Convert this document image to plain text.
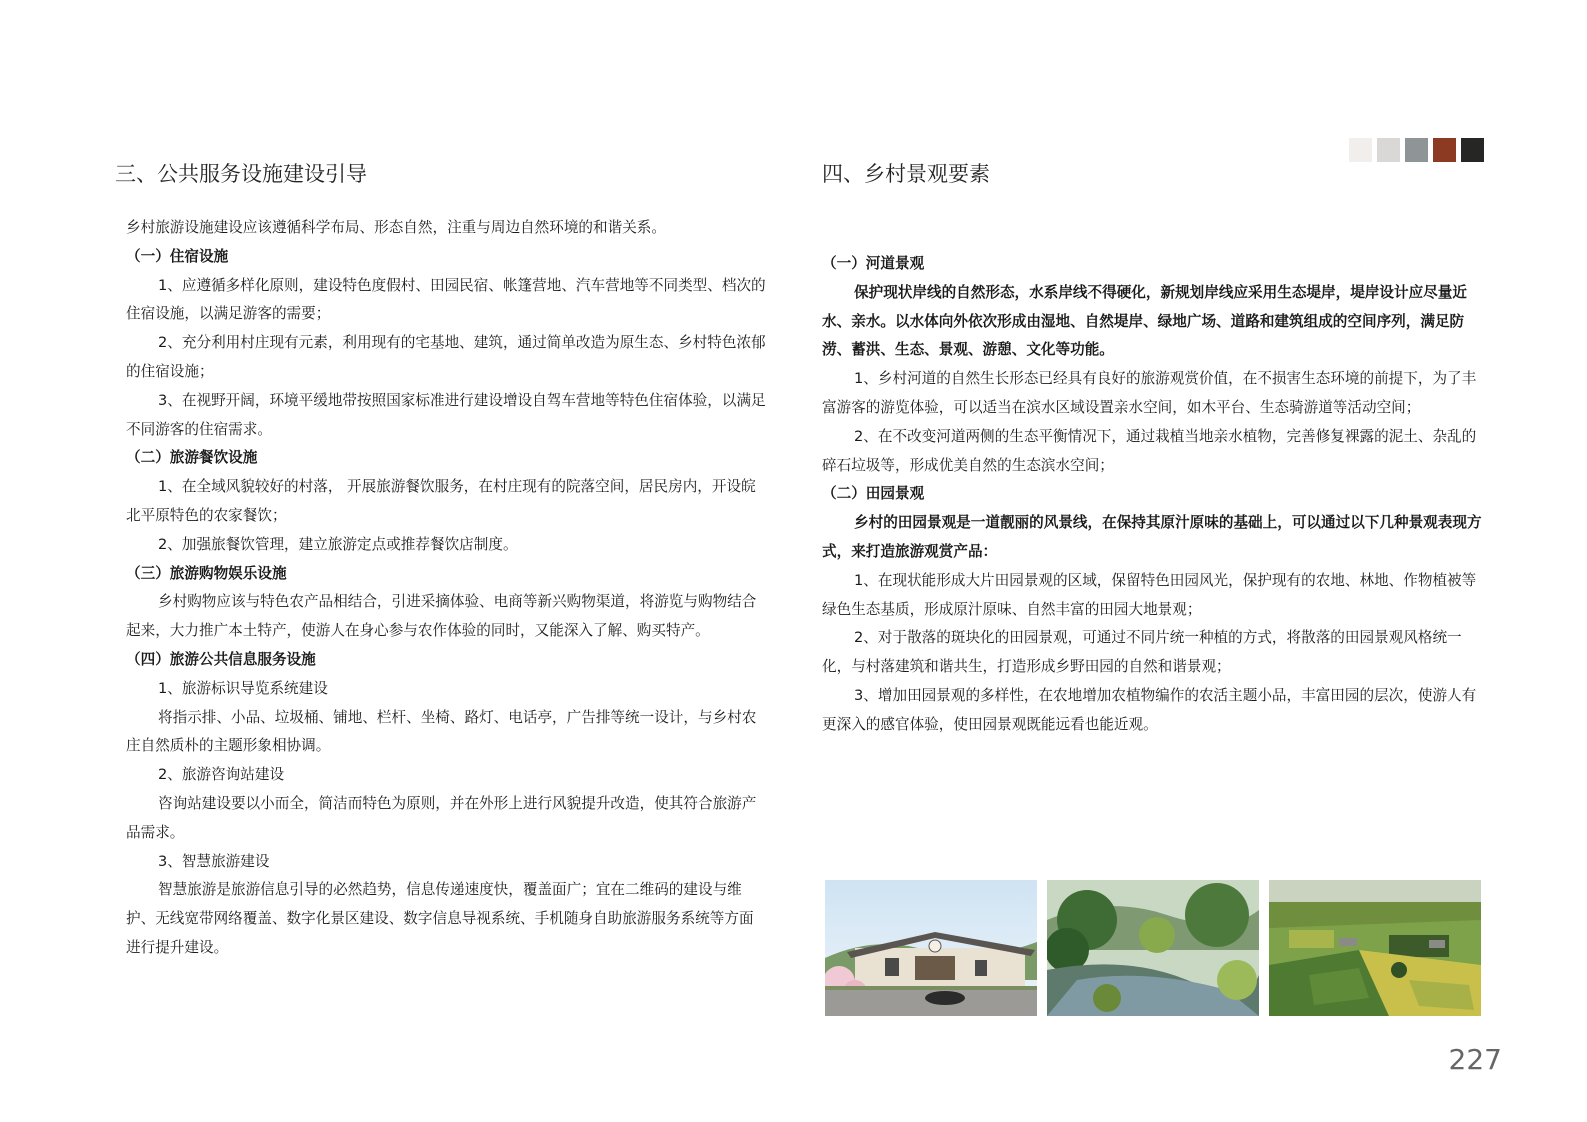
三、公共服务设施建设引导

乡村旅游设施建设应该遵循科学布局、形态自然，注重与周边自然环境的和谐关系。

（一）住宿设施

1、应遵循多样化原则，建设特色度假村、田园民宿、帐篷营地、汽车营地等不同类型、档次的住宿设施，以满足游客的需要；

2、充分利用村庄现有元素，利用现有的宅基地、建筑，通过简单改造为原生态、乡村特色浓郁的住宿设施；

3、在视野开阔，环境平缓地带按照国家标准进行建设增设自驾车营地等特色住宿体验，以满足不同游客的住宿需求。

（二）旅游餐饮设施

1、在全域风貌较好的村落， 开展旅游餐饮服务，在村庄现有的院落空间，居民房内，开设皖北平原特色的农家餐饮；

2、加强旅餐饮管理，建立旅游定点或推荐餐饮店制度。

（三）旅游购物娱乐设施

乡村购物应该与特色农产品相结合，引进采摘体验、电商等新兴购物渠道，将游览与购物结合起来，大力推广本土特产，使游人在身心参与农作体验的同时，又能深入了解、购买特产。

（四）旅游公共信息服务设施

1、旅游标识导览系统建设

将指示排、小品、垃圾桶、铺地、栏杆、坐椅、路灯、电话亭，广告排等统一设计，与乡村农庄自然质朴的主题形象相协调。

2、旅游咨询站建设

咨询站建设要以小而全，简洁而特色为原则，并在外形上进行风貌提升改造，使其符合旅游产品需求。

3、智慧旅游建设

智慧旅游是旅游信息引导的必然趋势，信息传递速度快，覆盖面广；宜在二维码的建设与维护、无线宽带网络覆盖、数字化景区建设、数字信息导视系统、手机随身自助旅游服务系统等方面进行提升建设。

四、乡村景观要素

（一）河道景观

保护现状岸线的自然形态，水系岸线不得硬化，新规划岸线应采用生态堤岸，堤岸设计应尽量近水、亲水。以水体向外依次形成由湿地、自然堤岸、绿地广场、道路和建筑组成的空间序列，满足防涝、蓄洪、生态、景观、游憩、文化等功能。

1、乡村河道的自然生长形态已经具有良好的旅游观赏价值，在不损害生态环境的前提下，为了丰富游客的游览体验，可以适当在滨水区域设置亲水空间，如木平台、生态骑游道等活动空间；

2、在不改变河道两侧的生态平衡情况下，通过栽植当地亲水植物，完善修复裸露的泥土、杂乱的碎石垃圾等，形成优美自然的生态滨水空间；

（二）田园景观

乡村的田园景观是一道靓丽的风景线，在保持其原汁原味的基础上，可以通过以下几种景观表现方式，来打造旅游观赏产品：

1、在现状能形成大片田园景观的区域，保留特色田园风光，保护现有的农地、林地、作物植被等绿色生态基质，形成原汁原味、自然丰富的田园大地景观；

2、对于散落的斑块化的田园景观，可通过不同片统一种植的方式，将散落的田园景观风格统一化，与村落建筑和谐共生，打造形成乡野田园的自然和谐景观；

3、增加田园景观的多样性，在农地增加农植物编作的农活主题小品，丰富田园的层次，使游人有更深入的感官体验，使田园景观既能远看也能近观。

227
